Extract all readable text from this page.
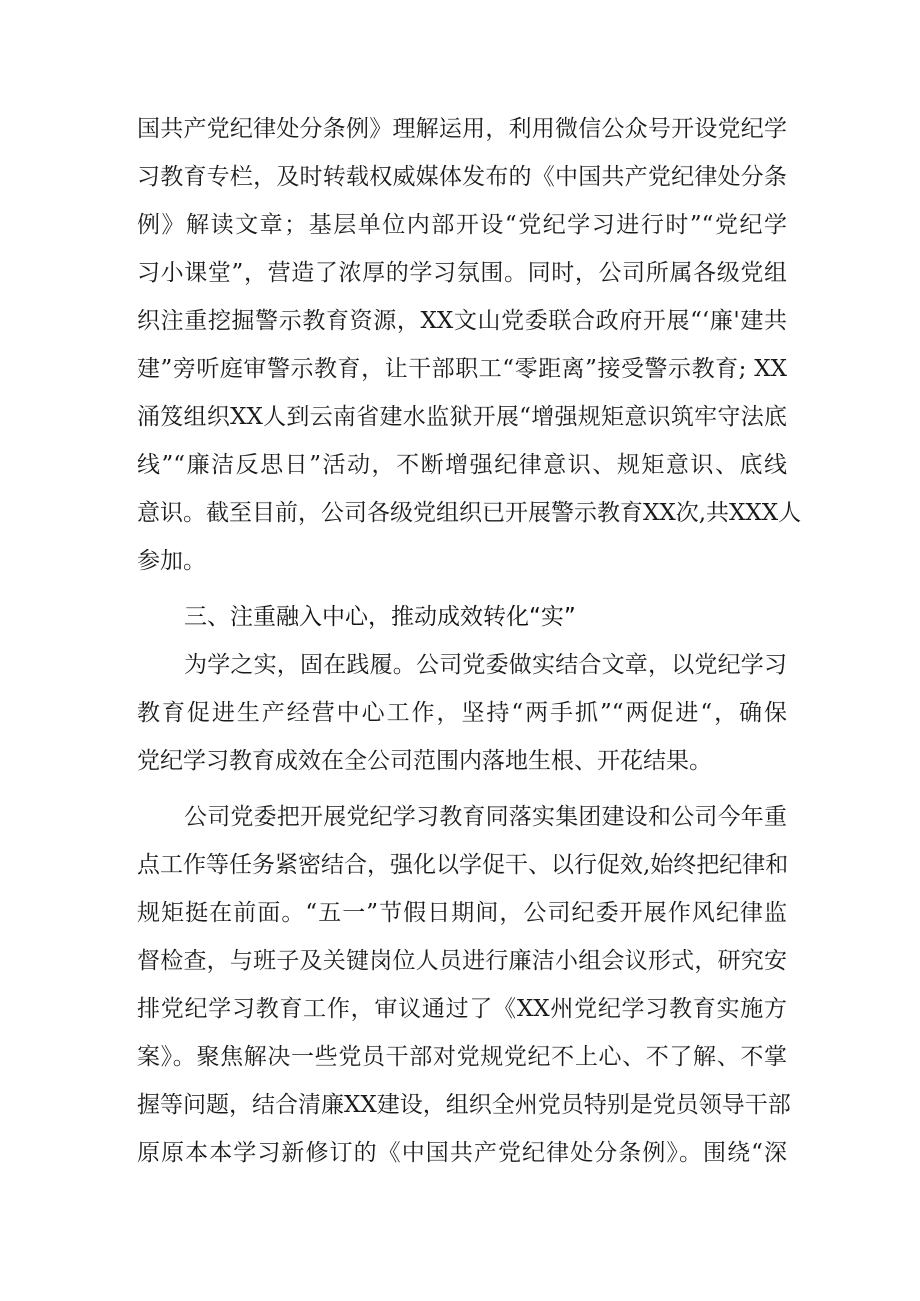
国共产党纪律处分条例》理解运用，利用微信公众号开设党纪学
习教育专栏，及时转载权威媒体发布的《中国共产党纪律处分条
例》解读文章；基层单位内部开设“党纪学习进行时”“党纪学
习小课堂”，营造了浓厚的学习氛围。同时，公司所属各级党组
织注重挖掘警示教育资源，XX文山党委联合政府开展“‘廉'建共
建”旁听庭审警示教育，让干部职工“零距离”接受警示教育; XX
涌笈组织XX人到云南省建水监狱开展“增强规矩意识筑牢守法底
线”“廉洁反思日”活动，不断增强纪律意识、规矩意识、底线
意识。截至目前，公司各级党组织已开展警示教育XX次,共XXX人
参加。
三、注重融入中心，推动成效转化“实”
为学之实，固在践履。公司党委做实结合文章，以党纪学习
教育促进生产经营中心工作，坚持“两手抓”“两促进“，确保
党纪学习教育成效在全公司范围内落地生根、开花结果。
公司党委把开展党纪学习教育同落实集团建设和公司今年重
点工作等任务紧密结合，强化以学促干、以行促效,始终把纪律和
规矩挺在前面。“五一”节假日期间，公司纪委开展作风纪律监
督检查，与班子及关键岗位人员进行廉洁小组会议形式，研究安
排党纪学习教育工作，审议通过了《XX州党纪学习教育实施方
案》。聚焦解决一些党员干部对党规党纪不上心、不了解、不掌
握等问题，结合清廉XX建设，组织全州党员特别是党员领导干部
原原本本学习新修订的《中国共产党纪律处分条例》。围绕“深
